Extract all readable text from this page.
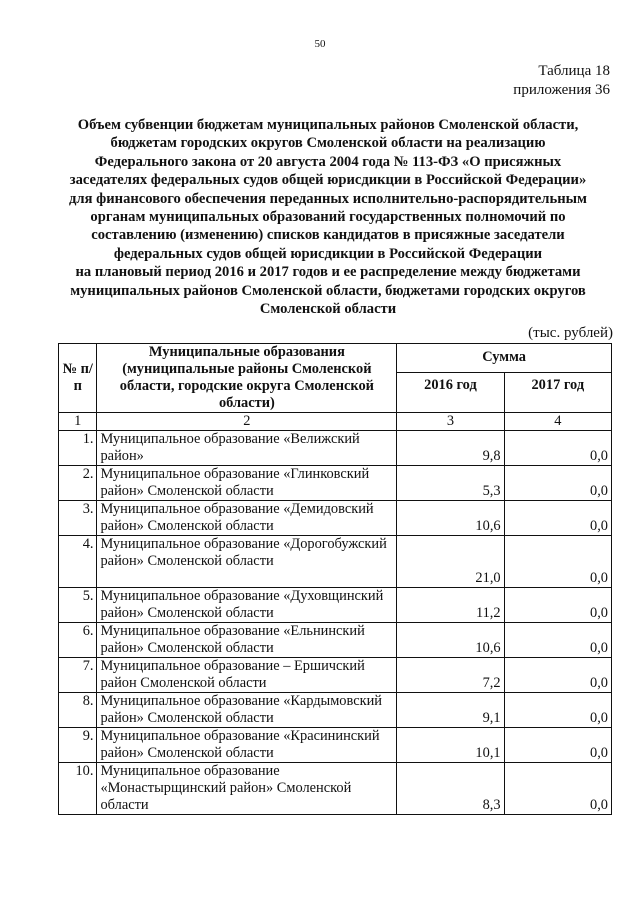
50
Таблица 18
приложения 36
Объем субвенции бюджетам муниципальных районов Смоленской области,
бюджетам городских округов Смоленской области на реализацию
Федерального закона от 20 августа 2004 года № 113-ФЗ «О присяжных
заседателях федеральных судов общей юрисдикции в Российской Федерации»
для финансового обеспечения переданных исполнительно-распорядительным
органам муниципальных образований государственных полномочий по
составлению (изменению) списков кандидатов в присяжные заседатели
федеральных судов общей юрисдикции в Российской Федерации
на плановый период 2016 и 2017 годов и ее распределение между бюджетами
муниципальных районов Смоленской области, бюджетами городских округов
Смоленской области
(тыс. рублей)
№ п/п	Муниципальные образования (муниципальные районы Смоленской области, городские округа Смоленской области)	Сумма	
		2016 год	2017 год
1	2	3	4
1.	Муниципальное образование «Велижский район»	9,8	0,0
2.	Муниципальное образование «Глинковский район» Смоленской области	5,3	0,0
3.	Муниципальное образование «Демидовский район» Смоленской области	10,6	0,0
4.	Муниципальное образование «Дорогобужский район» Смоленской области	21,0	0,0
5.	Муниципальное образование «Духовщинский район» Смоленской области	11,2	0,0
6.	Муниципальное образование «Ельнинский район» Смоленской области	10,6	0,0
7.	Муниципальное образование – Ершичский район Смоленской области	7,2	0,0
8.	Муниципальное образование «Кардымовский район» Смоленской области	9,1	0,0
9.	Муниципальное образование «Красининский район» Смоленской области	10,1	0,0
10.	Муниципальное образование «Монастырщинский район» Смоленской области	8,3	0,0
